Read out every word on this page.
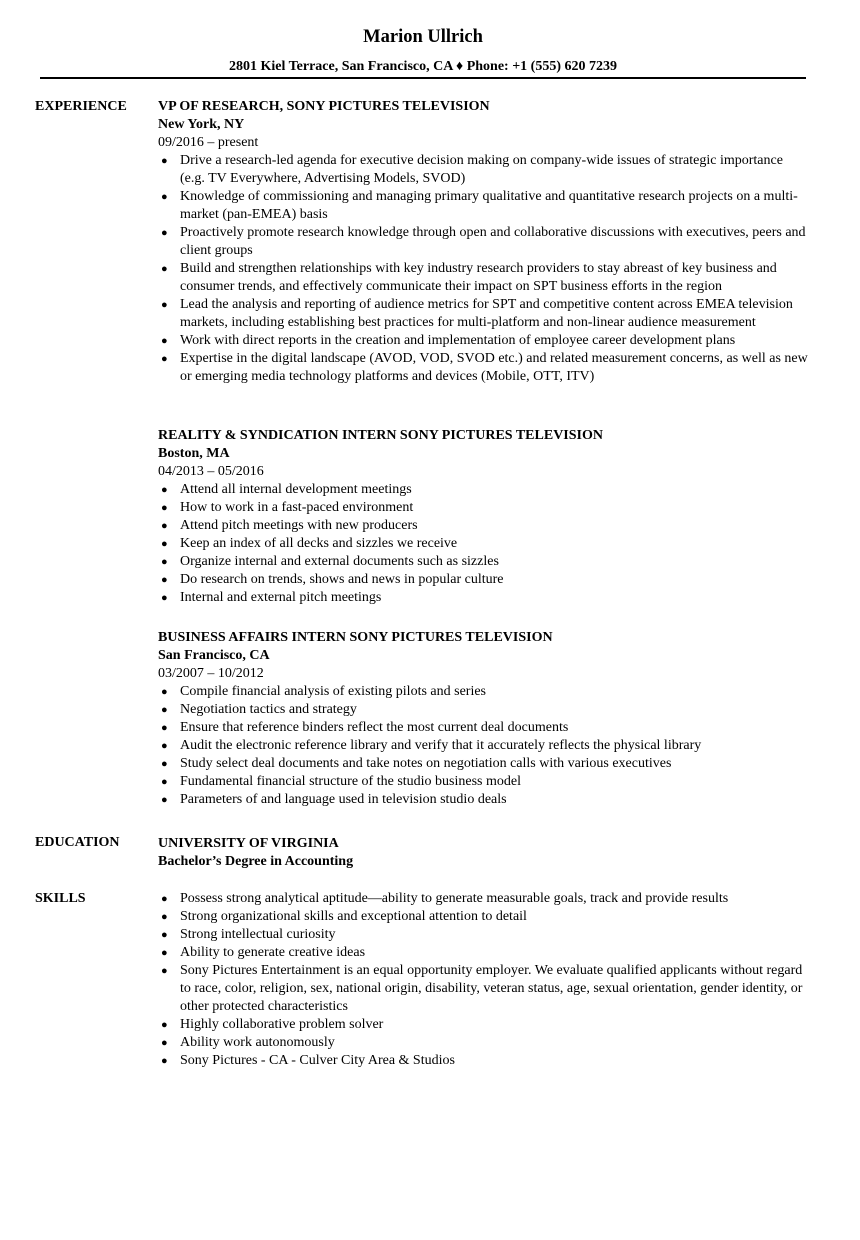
Marion Ullrich
2801 Kiel Terrace, San Francisco, CA ♦ Phone: +1 (555) 620 7239
EXPERIENCE VP OF RESEARCH, SONY PICTURES TELEVISION
New York, NY
09/2016 – present
● Drive a research-led agenda for executive decision making on company-wide issues of strategic importance (e.g. TV Everywhere, Advertising Models, SVOD)
● Knowledge of commissioning and managing primary qualitative and quantitative research projects on a multi-market (pan-EMEA) basis
● Proactively promote research knowledge through open and collaborative discussions with executives, peers and client groups
● Build and strengthen relationships with key industry research providers to stay abreast of key business and consumer trends, and effectively communicate their impact on SPT business efforts in the region
● Lead the analysis and reporting of audience metrics for SPT and competitive content across EMEA television markets, including establishing best practices for multi-platform and non-linear audience measurement
● Work with direct reports in the creation and implementation of employee career development plans
● Expertise in the digital landscape (AVOD, VOD, SVOD etc.) and related measurement concerns, as well as new or emerging media technology platforms and devices (Mobile, OTT, ITV)
REALITY & SYNDICATION INTERN SONY PICTURES TELEVISION
Boston, MA
04/2013 – 05/2016
● Attend all internal development meetings
● How to work in a fast-paced environment
● Attend pitch meetings with new producers
● Keep an index of all decks and sizzles we receive
● Organize internal and external documents such as sizzles
● Do research on trends, shows and news in popular culture
● Internal and external pitch meetings
BUSINESS AFFAIRS INTERN SONY PICTURES TELEVISION
San Francisco, CA
03/2007 – 10/2012
● Compile financial analysis of existing pilots and series
● Negotiation tactics and strategy
● Ensure that reference binders reflect the most current deal documents
● Audit the electronic reference library and verify that it accurately reflects the physical library
● Study select deal documents and take notes on negotiation calls with various executives
● Fundamental financial structure of the studio business model
● Parameters of and language used in television studio deals
EDUCATION	UNIVERSITY OF VIRGINIA
Bachelor’s Degree in Accounting
SKILLS	● Possess strong analytical aptitude—ability to generate measurable goals, track and provide results
● Strong organizational skills and exceptional attention to detail
● Strong intellectual curiosity
● Ability to generate creative ideas
● Sony Pictures Entertainment is an equal opportunity employer. We evaluate qualified applicants without regard to race, color, religion, sex, national origin, disability, veteran status, age, sexual orientation, gender identity, or other protected characteristics
● Highly collaborative problem solver
● Ability work autonomously
● Sony Pictures - CA - Culver City Area & Studios
